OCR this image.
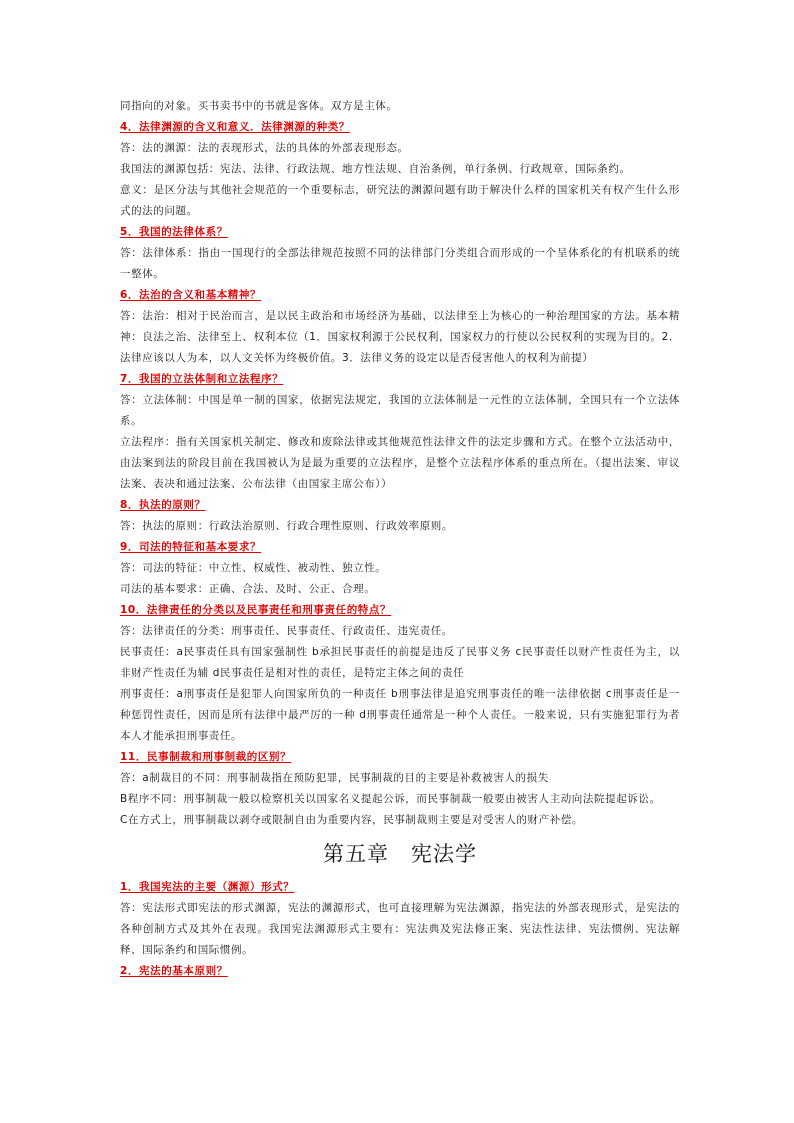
同指向的对象。买书卖书中的书就是客体。双方是主体。

4．法律渊源的含义和意义．法律渊源的种类？

答：法的渊源：法的表现形式，法的具体的外部表现形态。

我国法的渊源包括：宪法、法律、行政法规、地方性法规、自治条例，单行条例、行政规章、国际条约。

意义：是区分法与其他社会规范的一个重要标志，研究法的渊源问题有助于解决什么样的国家机关有权产生什么形式的法的问题。

5．我国的法律体系？

答：法律体系：指由一国现行的全部法律规范按照不同的法律部门分类组合而形成的一个呈体系化的有机联系的统一整体。

6．法治的含义和基本精神？

答：法治：相对于民治而言，是以民主政治和市场经济为基础，以法律至上为核心的一种治理国家的方法。基本精神：良法之治、法律至上、权利本位（1．国家权利源于公民权利，国家权力的行使以公民权利的实现为目的。2．法律应该以人为本，以人文关怀为终极价值。3．法律义务的设定以是否侵害他人的权利为前提）

7．我国的立法体制和立法程序？

答：立法体制：中国是单一制的国家，依据宪法规定，我国的立法体制是一元性的立法体制，全国只有一个立法体系。

立法程序：指有关国家机关制定、修改和废除法律或其他规范性法律文件的法定步骤和方式。在整个立法活动中，由法案到法的阶段目前在我国被认为是最为重要的立法程序，是整个立法程序体系的重点所在。（提出法案、审议法案、表决和通过法案、公布法律（由国家主席公布））

8．执法的原则？

答：执法的原则：行政法治原则、行政合理性原则、行政效率原则。

9．司法的特征和基本要求？

答：司法的特征：中立性、权威性、被动性、独立性。

司法的基本要求：正确、合法、及时、公正、合理。

10．法律责任的分类以及民事责任和刑事责任的特点？

答：法律责任的分类：刑事责任、民事责任、行政责任、违宪责任。

民事责任：a民事责任具有国家强制性 b承担民事责任的前提是违反了民事义务 c民事责任以财产性责任为主，以非财产性责任为辅 d民事责任是相对性的责任，是特定主体之间的责任

刑事责任：a刑事责任是犯罪人向国家所负的一种责任 b刑事法律是追究刑事责任的唯一法律依据 c刑事责任是一种惩罚性责任，因而是所有法律中最严厉的一种 d刑事责任通常是一种个人责任。一般来说，只有实施犯罪行为者本人才能承担刑事责任。

11．民事制裁和刑事制裁的区别？

答：a制裁目的不同：刑事制裁指在预防犯罪，民事制裁的目的主要是补救被害人的损失

B程序不同：刑事制裁一般以检察机关以国家名义提起公诉，而民事制裁一般要由被害人主动向法院提起诉讼。

C在方式上，刑事制裁以剥夺或限制自由为重要内容，民事制裁则主要是对受害人的财产补偿。

第五章 宪法学

1．我国宪法的主要（渊源）形式？

答：宪法形式即宪法的形式渊源，宪法的渊源形式，也可直接理解为宪法渊源，指宪法的外部表现形式，是宪法的各种创制方式及其外在表现。我国宪法渊源形式主要有：宪法典及宪法修正案、宪法性法律、宪法惯例、宪法解释、国际条约和国际惯例。

2．宪法的基本原则？
